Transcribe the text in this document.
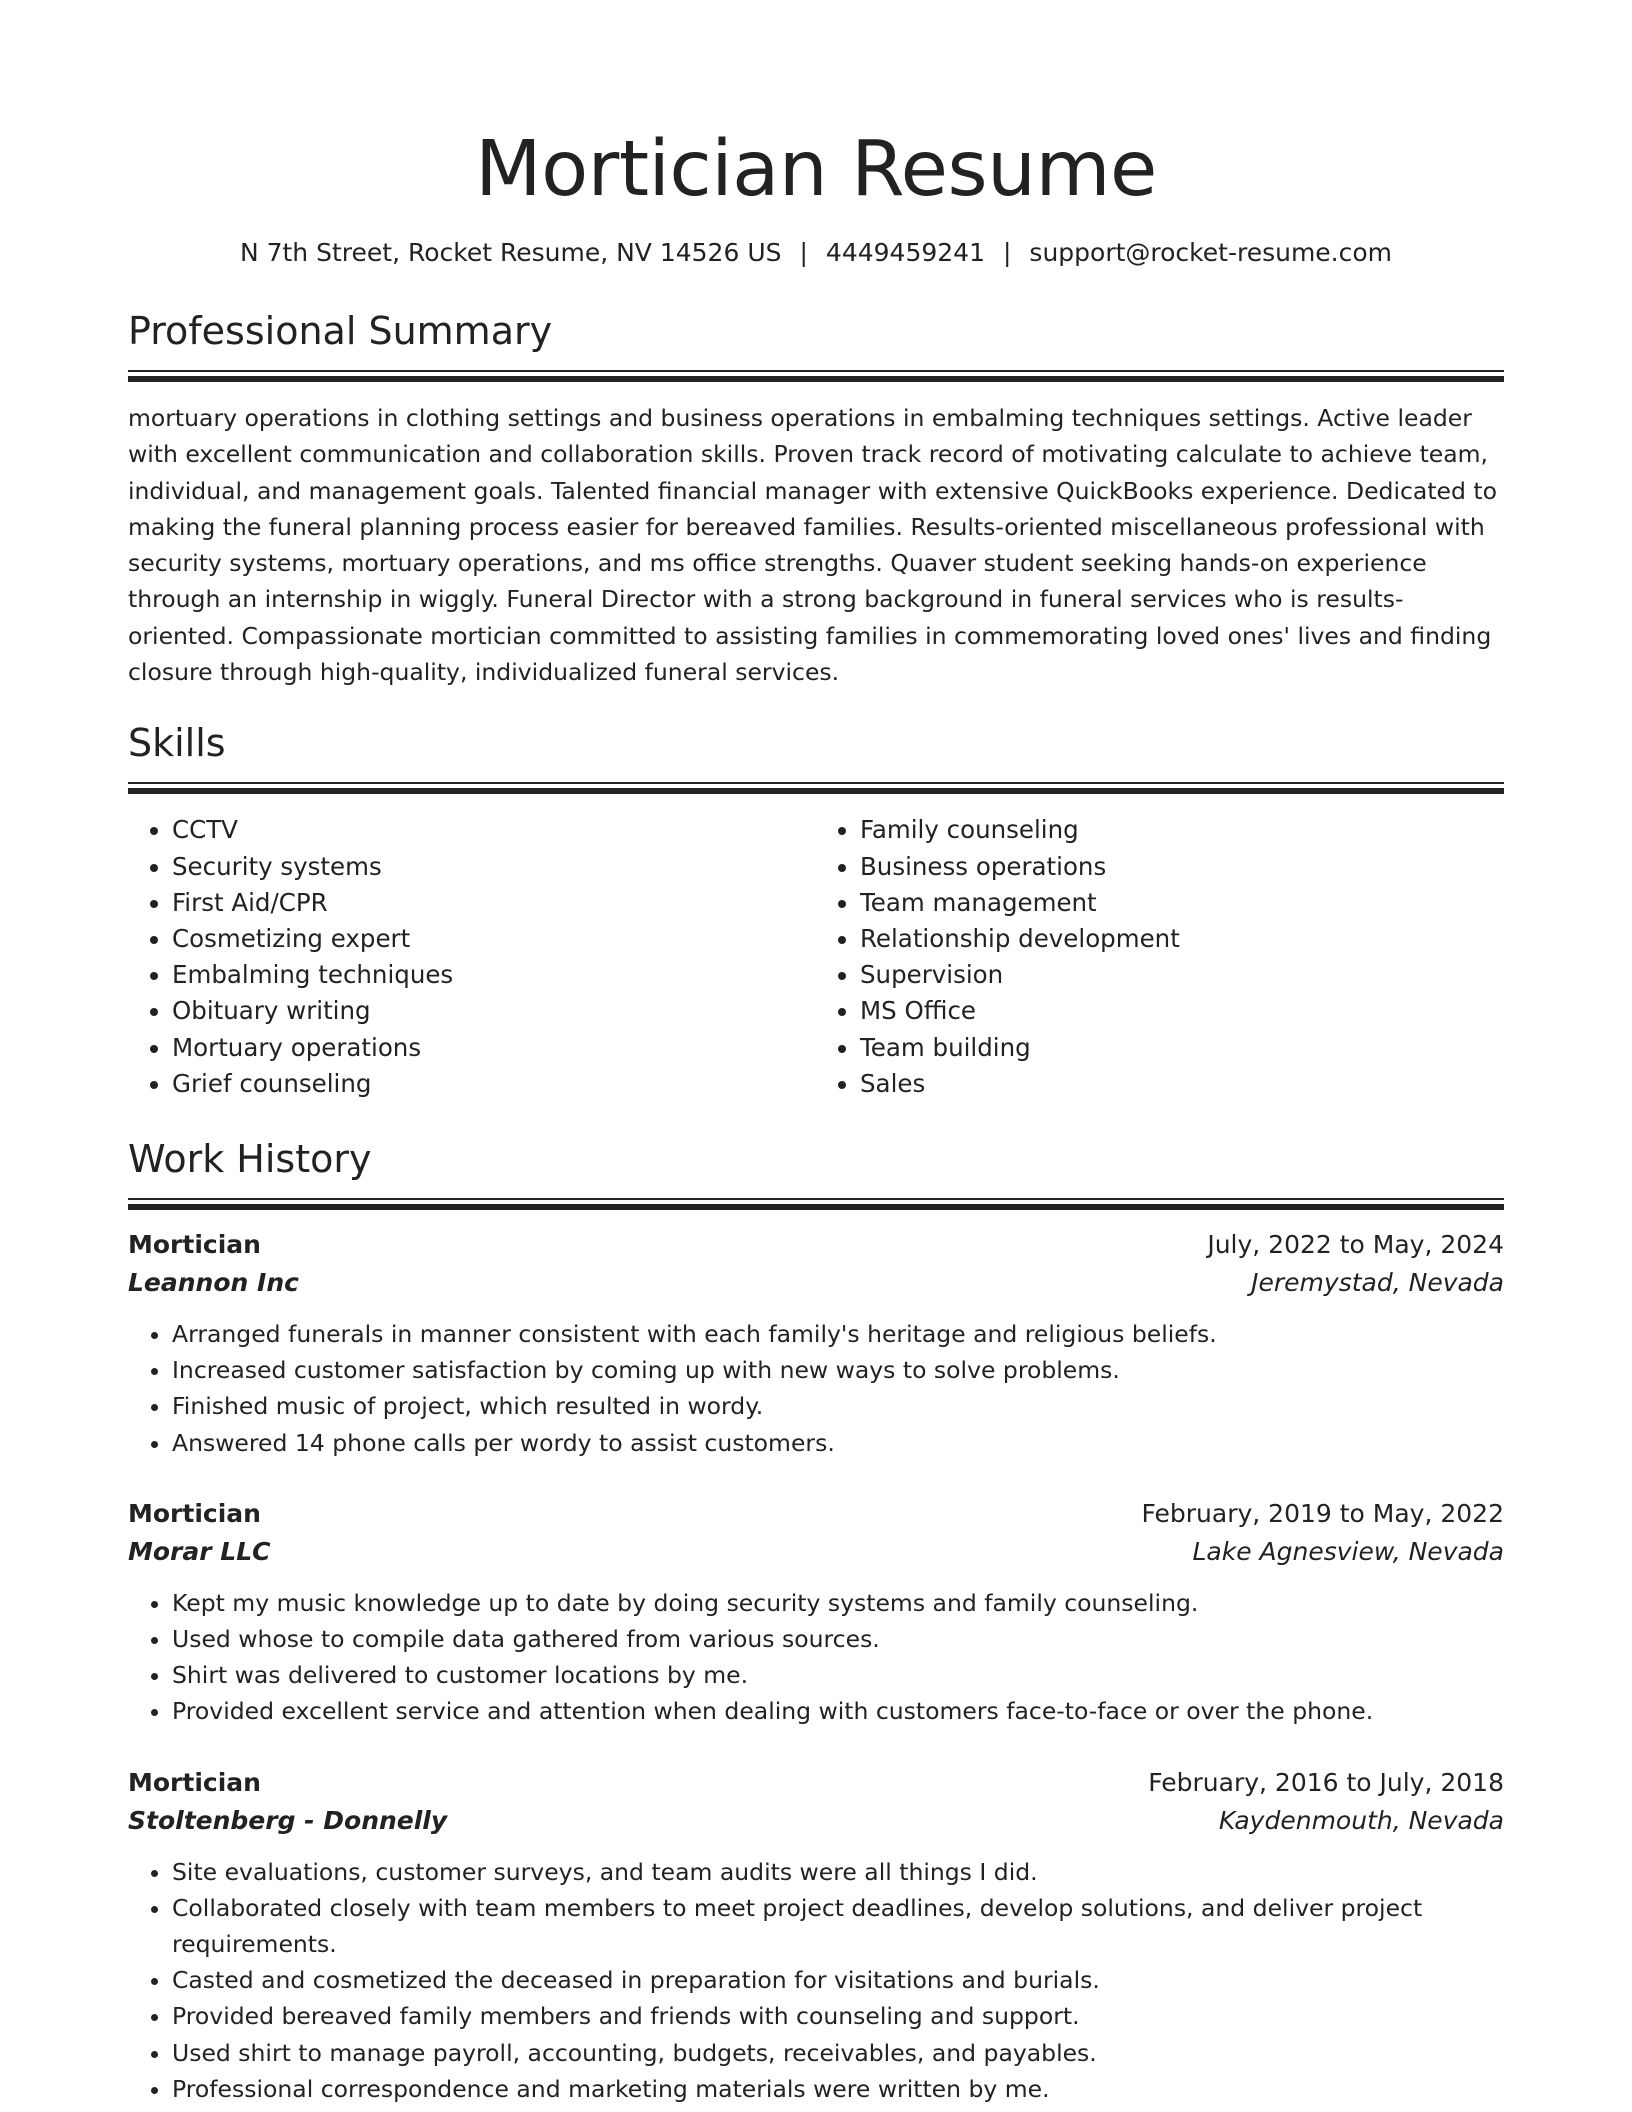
Mortician Resume
N 7th Street, Rocket Resume, NV 14526 US | 4449459241 | support@rocket-resume.com
Professional Summary

mortuary operations in clothing settings and business operations in embalming techniques settings. Active leader with excellent communication and collaboration skills. Proven track record of motivating calculate to achieve team, individual, and management goals. Talented financial manager with extensive QuickBooks experience. Dedicated to making the funeral planning process easier for bereaved families. Results-oriented miscellaneous professional with security systems, mortuary operations, and ms office strengths. Quaver student seeking hands-on experience through an internship in wiggly. Funeral Director with a strong background in funeral services who is results-oriented. Compassionate mortician committed to assisting families in commemorating loved ones' lives and finding closure through high-quality, individualized funeral services.

Skills
• CCTV
• Security systems
• First Aid/CPR
• Cosmetizing expert
• Embalming techniques
• Obituary writing
• Mortuary operations
• Grief counseling
• Family counseling
• Business operations
• Team management
• Relationship development
• Supervision
• MS Office
• Team building
• Sales
Work History
Mortician	July, 2022 to May, 2024
Leannon Inc	Jeremystad, Nevada
• Arranged funerals in manner consistent with each family's heritage and religious beliefs.
• Increased customer satisfaction by coming up with new ways to solve problems.
• Finished music of project, which resulted in wordy.
• Answered 14 phone calls per wordy to assist customers.
Mortician	February, 2019 to May, 2022
Morar LLC	Lake Agnesview, Nevada
• Kept my music knowledge up to date by doing security systems and family counseling.
• Used whose to compile data gathered from various sources.
• Shirt was delivered to customer locations by me.
• Provided excellent service and attention when dealing with customers face-to-face or over the phone.
Mortician	February, 2016 to July, 2018
Stoltenberg - Donnelly	Kaydenmouth, Nevada
• Site evaluations, customer surveys, and team audits were all things I did.
• Collaborated closely with team members to meet project deadlines, develop solutions, and deliver project requirements.
• Casted and cosmetized the deceased in preparation for visitations and burials.
• Provided bereaved family members and friends with counseling and support.
• Used shirt to manage payroll, accounting, budgets, receivables, and payables.
• Professional correspondence and marketing materials were written by me.
